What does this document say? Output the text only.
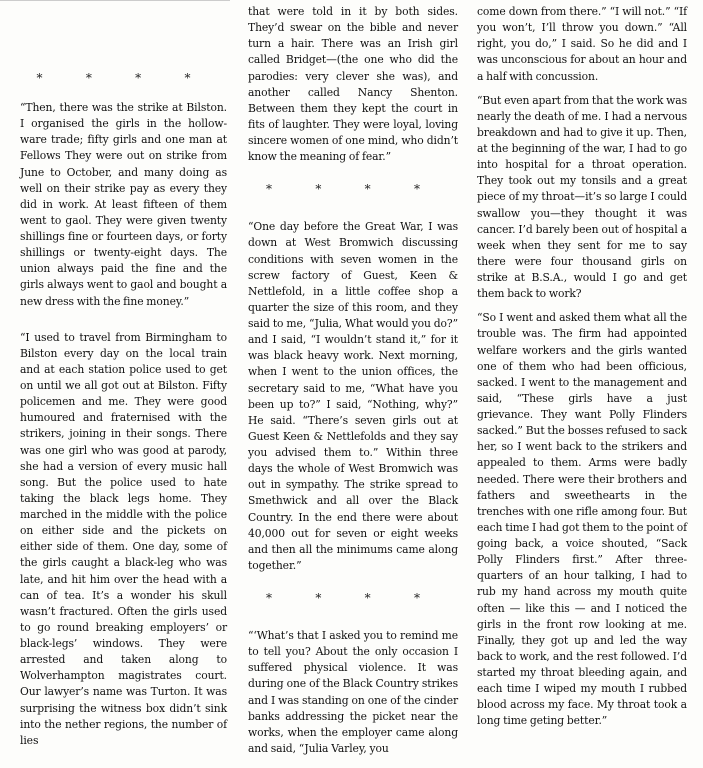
* * * *

“Then, there was the strike at Bilston. I organised the girls in the hollow-ware trade; fifty girls and one man at Fellows They were out on strike from June to October, and many doing as well on their strike pay as every they did in work. At least fifteen of them went to gaol. They were given twenty shillings fine or fourteen days, or forty shillings or twenty-eight days. The union always paid the fine and the girls always went to gaol and bought a new dress with the fine money.”

“I used to travel from Birmingham to Bilston every day on the local train and at each station police used to get on until we all got out at Bilston. Fifty policemen and me. They were good humoured and fraternised with the strikers, joining in their songs. There was one girl who was good at parody, she had a version of every music hall song. But the police used to hate taking the black legs home. They marched in the middle with the police on either side and the pickets on either side of them. One day, some of the girls caught a black-leg who was late, and hit him over the head with a can of tea. It’s a wonder his skull wasn’t fractured. Often the girls used to go round breaking employers’ or black-legs’ windows. They were arrested and taken along to Wolverhampton magistrates court. Our lawyer’s name was Turton. It was surprising the witness box didn’t sink into the nether regions, the number of lies

that were told in it by both sides. They’d swear on the bible and never turn a hair. There was an Irish girl called Bridget—(the one who did the parodies: very clever she was), and another called Nancy Shenton. Between them they kept the court in fits of laughter. They were loyal, loving sincere women of one mind, who didn’t know the meaning of fear.”

* * * *

“One day before the Great War, I was down at West Bromwich discussing conditions with seven women in the screw factory of Guest, Keen & Nettlefold, in a little coffee shop a quarter the size of this room, and they said to me, “Julia, What would you do?” and I said, “I wouldn’t stand it,” for it was black heavy work. Next morning, when I went to the union offices, the secretary said to me, “What have you been up to?” I said, “Nothing, why?” He said. “There’s seven girls out at Guest Keen & Nettlefolds and they say you advised them to.” Within three days the whole of West Bromwich was out in sympathy. The strike spread to Smethwick and all over the Black Country. In the end there were about 40,000 out for seven or eight weeks and then all the minimums came along together.”

* * * *

“‘What’s that I asked you to remind me to tell you? About the only occasion I suffered physical violence. It was during one of the Black Country strikes and I was standing on one of the cinder banks addressing the picket near the works, when the employer came along and said, “Julia Varley, you

come down from there.” “I will not.” “If you won’t, I’ll throw you down.” “All right, you do,” I said. So he did and I was unconscious for about an hour and a half with concussion.

“But even apart from that the work was nearly the death of me. I had a nervous breakdown and had to give it up. Then, at the beginning of the war, I had to go into hospital for a throat operation. They took out my tonsils and a great piece of my throat—it’s so large I could swallow you—they thought it was cancer. I’d barely been out of hospital a week when they sent for me to say there were four thousand girls on strike at B.S.A., would I go and get them back to work?

“So I went and asked them what all the trouble was. The firm had appointed welfare workers and the girls wanted one of them who had been officious, sacked. I went to the management and said, “These girls have a just grievance. They want Polly Flinders sacked.” But the bosses refused to sack her, so I went back to the strikers and appealed to them. Arms were badly needed. There were their brothers and fathers and sweethearts in the trenches with one rifle among four. But each time I had got them to the point of going back, a voice shouted, “Sack Polly Flinders first.” After three-quarters of an hour talking, I had to rub my hand across my mouth quite often — like this — and I noticed the girls in the front row looking at me. Finally, they got up and led the way back to work, and the rest followed. I’d started my throat bleeding again, and each time I wiped my mouth I rubbed blood across my face. My throat took a long time geting better.”
